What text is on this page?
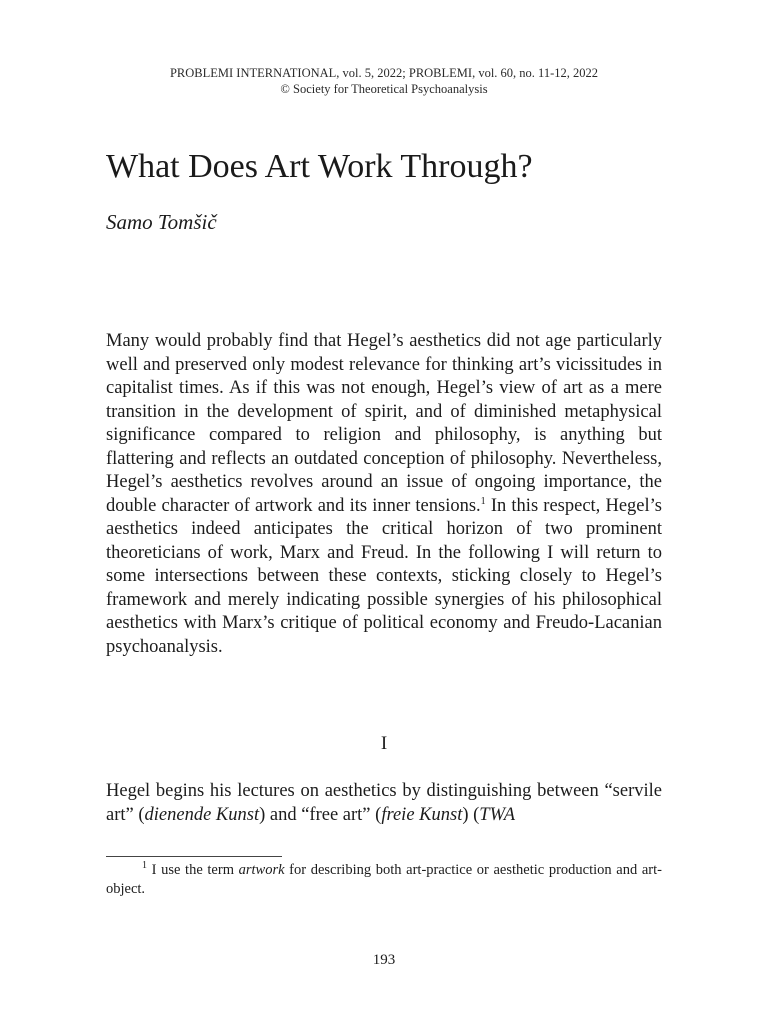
PROBLEMI INTERNATIONAL, vol. 5, 2022; PROBLEMI, vol. 60, no. 11-12, 2022
© Society for Theoretical Psychoanalysis
What Does Art Work Through?
Samo Tomšič

Many would probably find that Hegel’s aesthetics did not age particularly well and preserved only modest relevance for thinking art’s vicissitudes in capitalist times. As if this was not enough, Hegel’s view of art as a mere transition in the development of spirit, and of diminished metaphysical significance compared to religion and philosophy, is anything but flattering and reflects an outdated conception of philosophy. Nevertheless, Hegel’s aesthetics revolves around an issue of ongoing importance, the double character of artwork and its inner tensions.$^1$ In this respect, Hegel’s aesthetics indeed anticipates the critical horizon of two prominent theoreticians of work, Marx and Freud. In the following I will return to some intersections between these contexts, sticking closely to Hegel’s framework and merely indicating possible synergies of his philosophical aesthetics with Marx’s critique of political economy and Freudo-Lacanian psychoanalysis.

I

Hegel begins his lectures on aesthetics by distinguishing between “servile art” (dienende Kunst) and “free art” (freie Kunst) (TWA

$^1$ I use the term artwork for describing both art-practice or aesthetic production and art-object.

193
